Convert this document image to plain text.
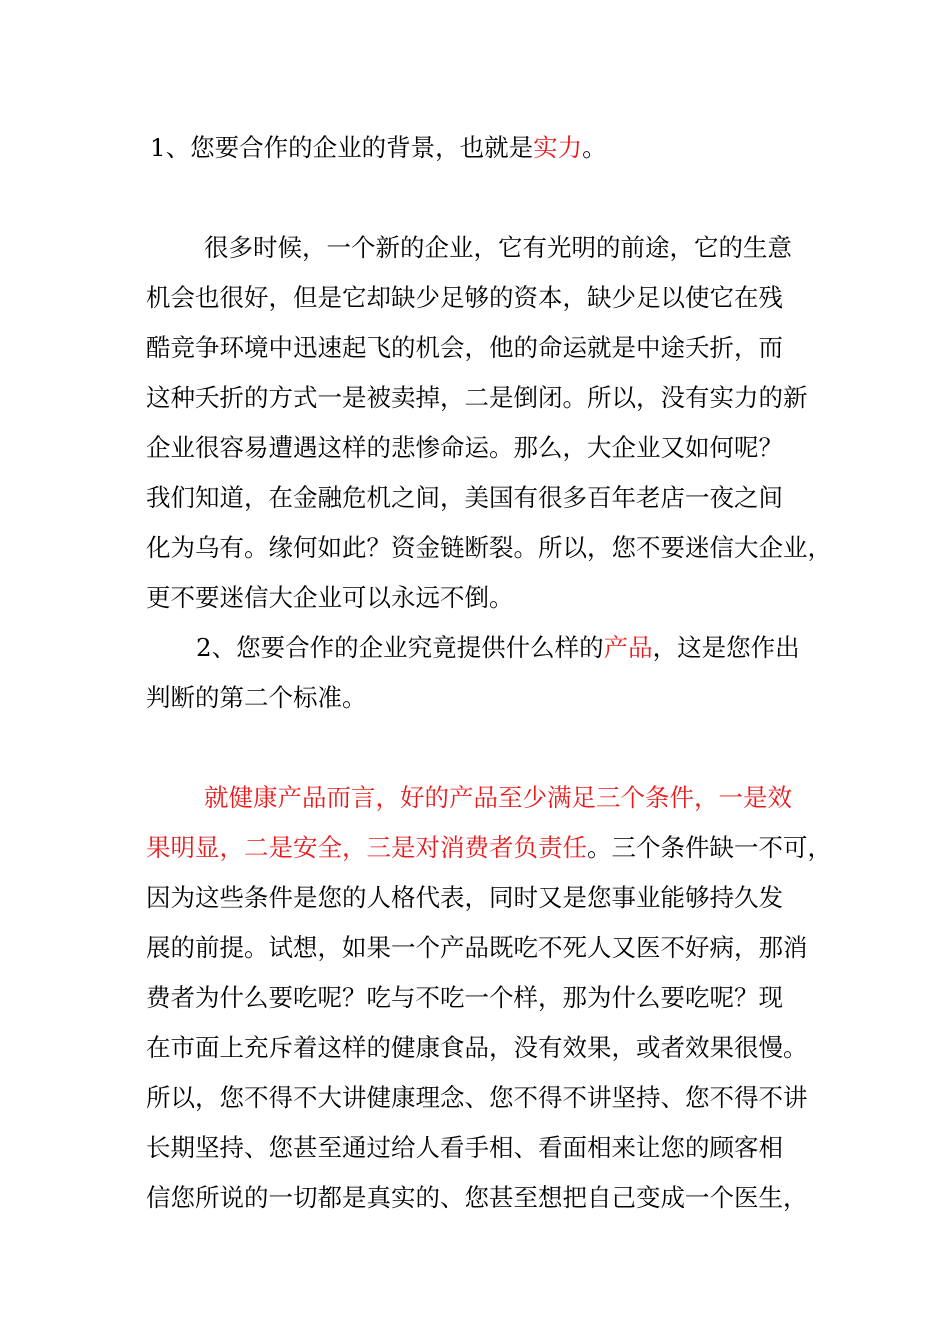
1、您要合作的企业的背景，也就是实力。
很多时候，一个新的企业，它有光明的前途，它的生意
机会也很好，但是它却缺少足够的资本，缺少足以使它在残
酷竞争环境中迅速起飞的机会，他的命运就是中途夭折，而
这种夭折的方式一是被卖掉，二是倒闭。所以，没有实力的新
企业很容易遭遇这样的悲惨命运。那么，大企业又如何呢？
我们知道，在金融危机之间，美国有很多百年老店一夜之间
化为乌有。缘何如此？资金链断裂。所以，您不要迷信大企业，
更不要迷信大企业可以永远不倒。
2、您要合作的企业究竟提供什么样的产品，这是您作出
判断的第二个标准。
就健康产品而言，好的产品至少满足三个条件，一是效
果明显，二是安全，三是对消费者负责任。三个条件缺一不可，
因为这些条件是您的人格代表，同时又是您事业能够持久发
展的前提。试想，如果一个产品既吃不死人又医不好病，那消
费者为什么要吃呢？吃与不吃一个样，那为什么要吃呢？现
在市面上充斥着这样的健康食品，没有效果，或者效果很慢。
所以，您不得不大讲健康理念、您不得不讲坚持、您不得不讲
长期坚持、您甚至通过给人看手相、看面相来让您的顾客相
信您所说的一切都是真实的、您甚至想把自己变成一个医生，
